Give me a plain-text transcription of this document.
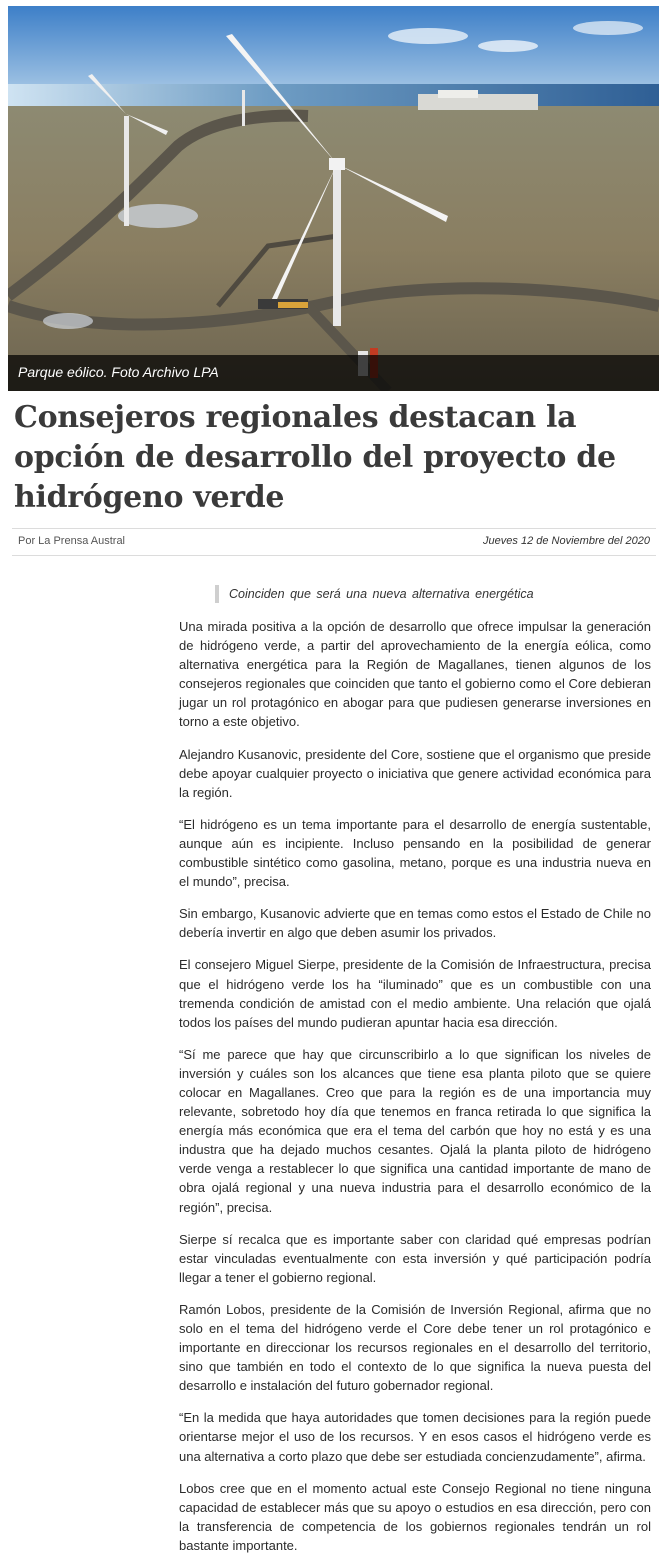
Parque eólico. Foto Archivo LPA
Consejeros regionales destacan la opción de desarrollo del proyecto de hidrógeno verde
Por La Prensa Austral	Jueves 12 de Noviembre del 2020
Coinciden que será una nueva alternativa energética

Una mirada positiva a la opción de desarrollo que ofrece impulsar la generación de hidrógeno verde, a partir del aprovechamiento de la energía eólica, como alternativa energética para la Región de Magallanes, tienen algunos de los consejeros regionales que coinciden que tanto el gobierno como el Core debieran jugar un rol protagónico en abogar para que pudiesen generarse inversiones en torno a este objetivo.

Alejandro Kusanovic, presidente del Core, sostiene que el organismo que preside debe apoyar cualquier proyecto o iniciativa que genere actividad económica para la región.

“El hidrógeno es un tema importante para el desarrollo de energía sustentable, aunque aún es incipiente. Incluso pensando en la posibilidad de generar combustible sintético como gasolina, metano, porque es una industria nueva en el mundo”, precisa.

Sin embargo, Kusanovic advierte que en temas como estos el Estado de Chile no debería invertir en algo que deben asumir los privados.

El consejero Miguel Sierpe, presidente de la Comisión de Infraestructura, precisa que el hidrógeno verde los ha “iluminado” que es un combustible con una tremenda condición de amistad con el medio ambiente. Una relación que ojalá todos los países del mundo pudieran apuntar hacia esa dirección.

“Sí me parece que hay que circunscribirlo a lo que significan los niveles de inversión y cuáles son los alcances que tiene esa planta piloto que se quiere colocar en Magallanes. Creo que para la región es de una importancia muy relevante, sobretodo hoy día que tenemos en franca retirada lo que significa la energía más económica que era el tema del carbón que hoy no está y es una industra que ha dejado muchos cesantes. Ojalá la planta piloto de hidrógeno verde venga a restablecer lo que significa una cantidad importante de mano de obra ojalá regional y una nueva industria para el desarrollo económico de la región”, precisa.

Sierpe sí recalca que es importante saber con claridad qué empresas podrían estar vinculadas eventualmente con esta inversión y qué participación podría llegar a tener el gobierno regional.

Ramón Lobos, presidente de la Comisión de Inversión Regional, afirma que no solo en el tema del hidrógeno verde el Core debe tener un rol protagónico e importante en direccionar los recursos regionales en el desarrollo del territorio, sino que también en todo el contexto de lo que significa la nueva puesta del desarrollo e instalación del futuro gobernador regional.

“En la medida que haya autoridades que tomen decisiones para la región puede orientarse mejor el uso de los recursos. Y en esos casos el hidrógeno verde es una alternativa a corto plazo que debe ser estudiada concienzudamente”, afirma.

Lobos cree que en el momento actual este Consejo Regional no tiene ninguna capacidad de establecer más que su apoyo o estudios en esa dirección, pero con la transferencia de competencia de los gobiernos regionales tendrán un rol bastante importante.
